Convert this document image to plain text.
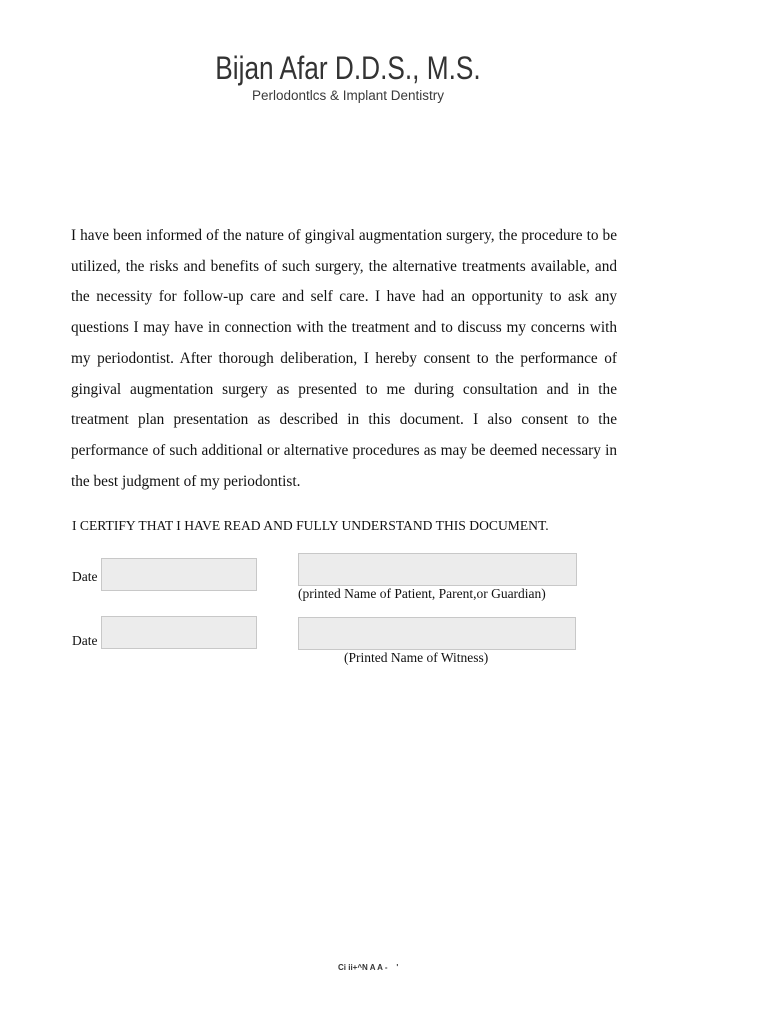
Bijan Afar D.D.S., M.S.
Perlodontlcs & Implant Dentistry

I have been informed of the nature of gingival augmentation surgery, the procedure to be utilized, the risks and benefits of such surgery, the alternative treatments available, and the necessity for follow-up care and self care. I have had an opportunity to ask any questions I may have in connection with the treatment and to discuss my concerns with my periodontist. After thorough deliberation, I hereby consent to the performance of gingival augmentation surgery as presented to me during consultation and in the treatment plan presentation as described in this document. I also consent to the performance of such additional or alternative procedures as may be deemed necessary in the best judgment of my periodontist.

I CERTIFY THAT I HAVE READ AND FULLY UNDERSTAND THIS DOCUMENT.

Date
(printed Name of Patient, Parent,or Guardian)
Date
(Printed Name of Witness)
Ci ii+^N A A -    '
